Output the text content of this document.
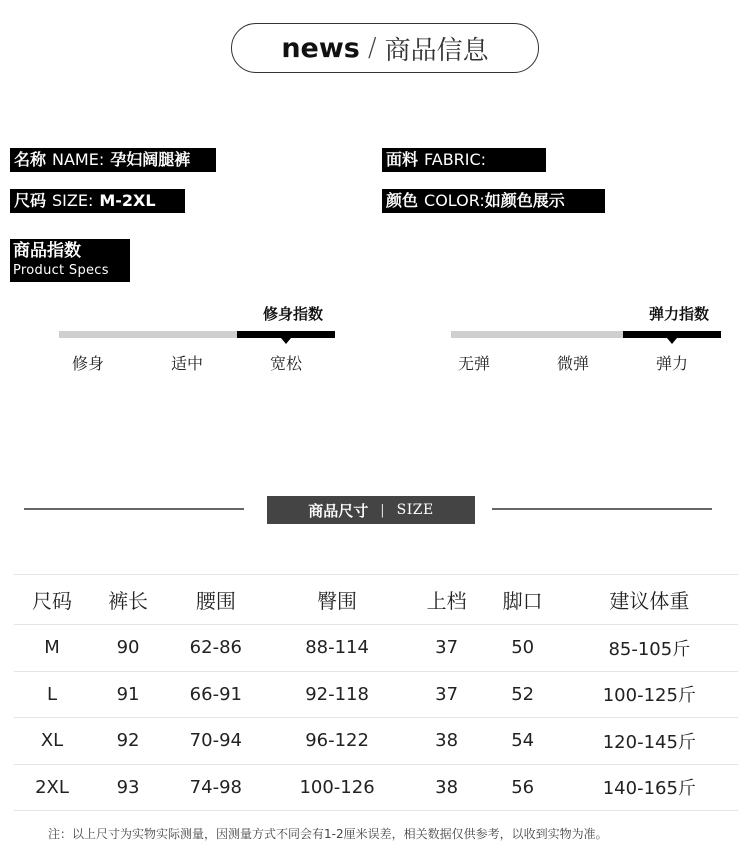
news / 商品信息
名称 NAME: 孕妇阔腿裤	面料 FABRIC:
尺码 SIZE: M-2XL	颜色 COLOR: 如颜色展示
商品指数
Product Specs
修身指数
修身	适中	宽松
弹力指数
无弹	微弹	弹力
商品尺寸 | SIZE
尺码	裤长	腰围	臀围	上档	脚口	建议体重
M	90	62-86	88-114	37	50	85-105斤
L	91	66-91	92-118	37	52	100-125斤
XL	92	70-94	96-122	38	54	120-145斤
2XL	93	74-98	100-126	38	56	140-165斤
注：以上尺寸为实物实际测量，因测量方式不同会有1-2厘米误差，相关数据仅供参考，以收到实物为准。
